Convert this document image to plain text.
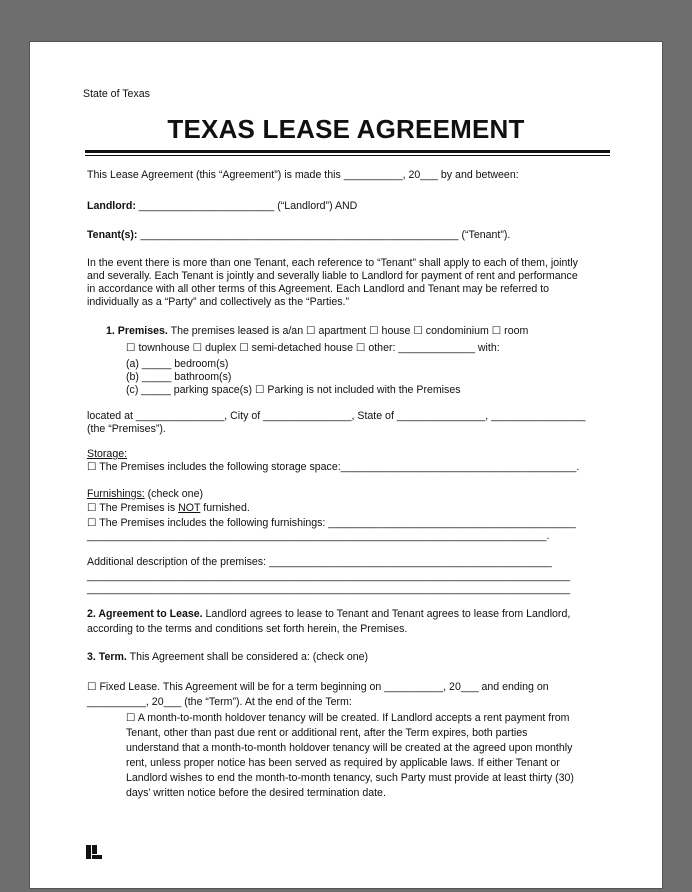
State of Texas
TEXAS LEASE AGREEMENT
This Lease Agreement (this “Agreement”) is made this __________, 20___ by and between:
Landlord: _______________________ (“Landlord”) AND
Tenant(s): ______________________________________________________ (“Tenant”).
In the event there is more than one Tenant, each reference to “Tenant” shall apply to each of them, jointly
and severally. Each Tenant is jointly and severally liable to Landlord for payment of rent and performance
in accordance with all other terms of this Agreement. Each Landlord and Tenant may be referred to
individually as a “Party” and collectively as the “Parties.”
1. Premises. The premises leased is a/an ☐ apartment ☐ house ☐ condominium ☐ room
☐ townhouse ☐ duplex ☐ semi-detached house ☐ other: _____________ with:
(a) _____ bedroom(s)
(b) _____ bathroom(s)
(c) _____ parking space(s) ☐ Parking is not included with the Premises
located at _______________, City of _______________, State of _______________, ________________
(the “Premises”).
Storage:
☐ The Premises includes the following storage space:________________________________________.
Furnishings: (check one)
☐ The Premises is NOT furnished.
☐ The Premises includes the following furnishings: __________________________________________
______________________________________________________________________________.
Additional description of the premises: ________________________________________________
__________________________________________________________________________________
__________________________________________________________________________________
2. Agreement to Lease. Landlord agrees to lease to Tenant and Tenant agrees to lease from Landlord,
according to the terms and conditions set forth herein, the Premises.
3. Term. This Agreement shall be considered a: (check one)
☐ Fixed Lease. This Agreement will be for a term beginning on __________, 20___ and ending on
__________, 20___ (the “Term”). At the end of the Term:
☐ A month-to-month holdover tenancy will be created. If Landlord accepts a rent payment from
Tenant, other than past due rent or additional rent, after the Term expires, both parties
understand that a month-to-month holdover tenancy will be created at the agreed upon monthly
rent, unless proper notice has been served as required by applicable laws. If either Tenant or
Landlord wishes to end the month-to-month tenancy, such Party must provide at least thirty (30)
days’ written notice before the desired termination date.
